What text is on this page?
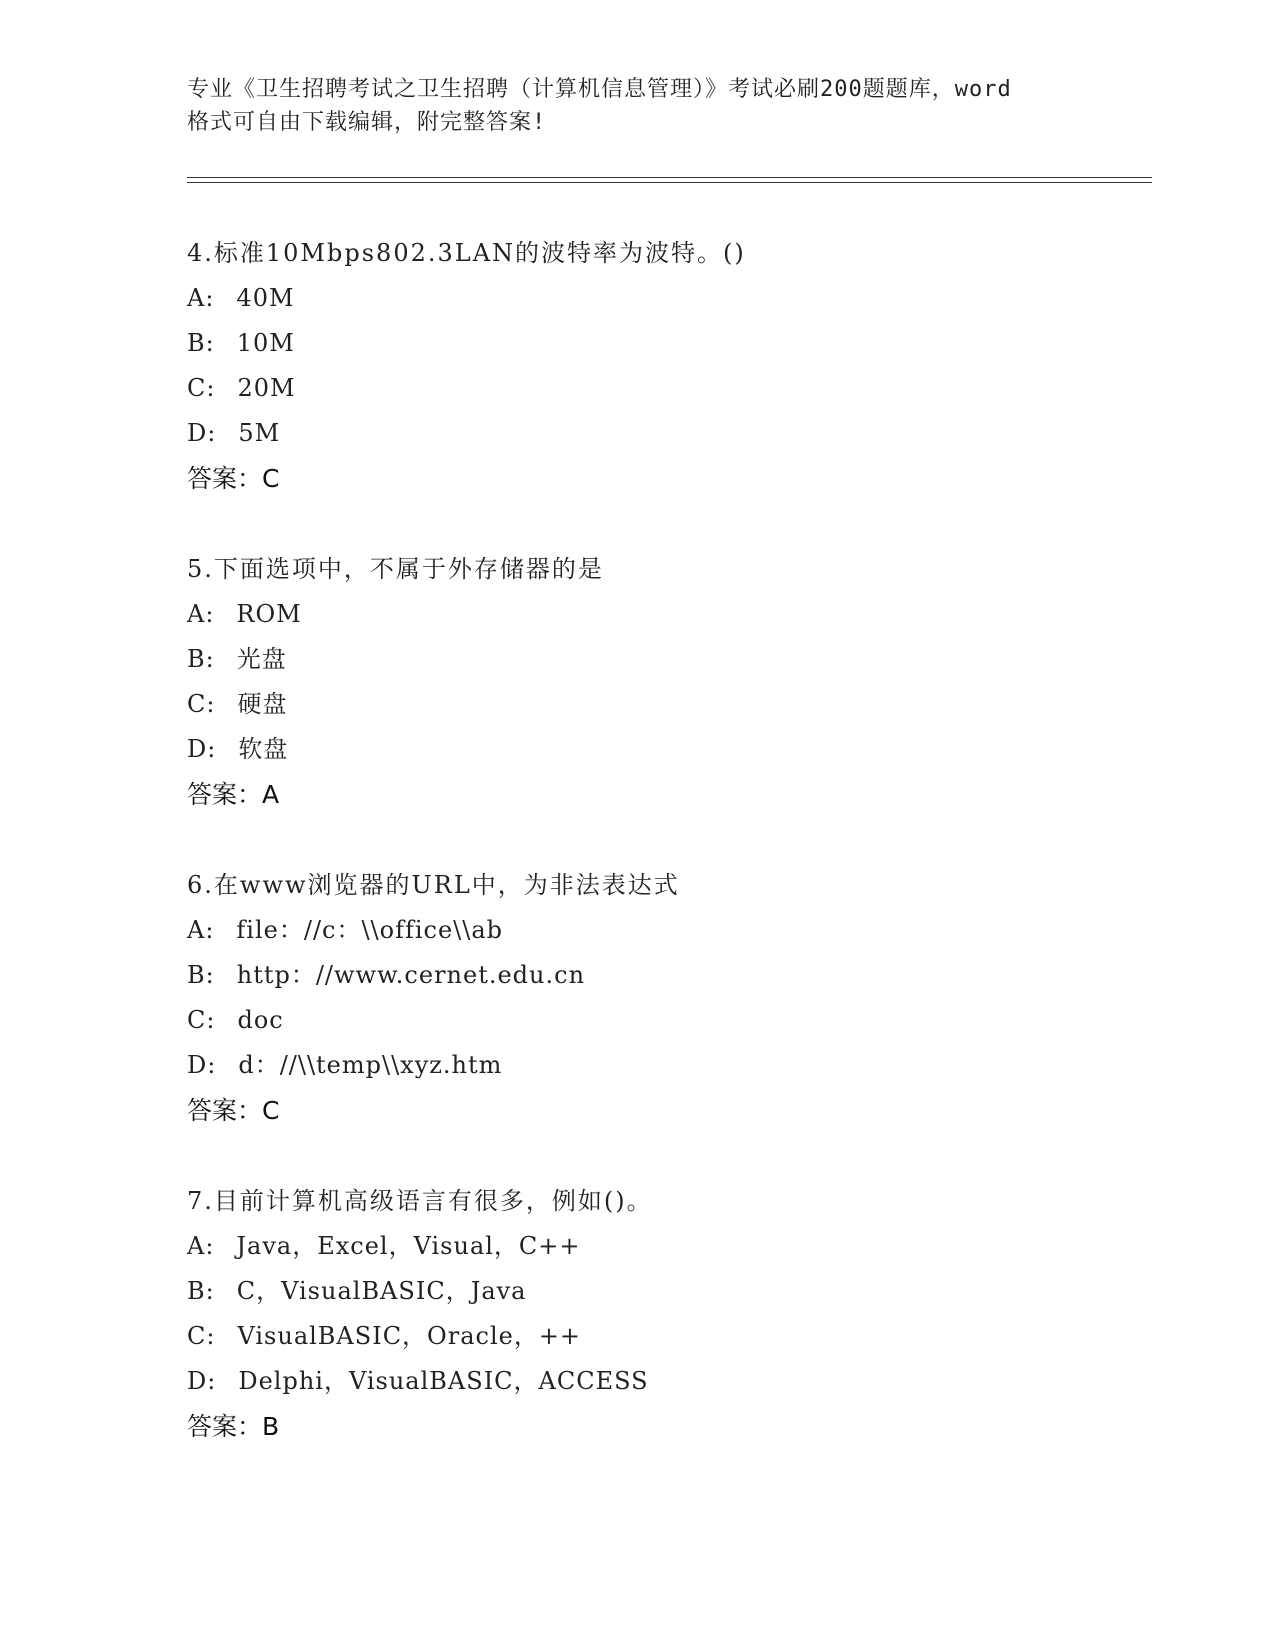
专业《卫生招聘考试之卫生招聘（计算机信息管理）》考试必刷200题题库，word
格式可自由下载编辑，附完整答案!
4.标准10Mbps802.3LAN的波特率为波特。()
A: 40M
B: 10M
C: 20M
D: 5M
答案：C
5.下面选项中，不属于外存储器的是
A: ROM
B: 光盘
C: 硬盘
D: 软盘
答案：A
6.在www浏览器的URL中，为非法表达式
A: file：//c：\\office\\ab
B: http：//www.cernet.edu.cn
C: doc
D: d：//\\temp\\xyz.htm
答案：C
7.目前计算机高级语言有很多，例如()。
A: Java，Excel，Visual，C++
B: C，VisualBASIC，Java
C: VisualBASIC，Oracle，++
D: Delphi，VisualBASIC，ACCESS
答案：B
